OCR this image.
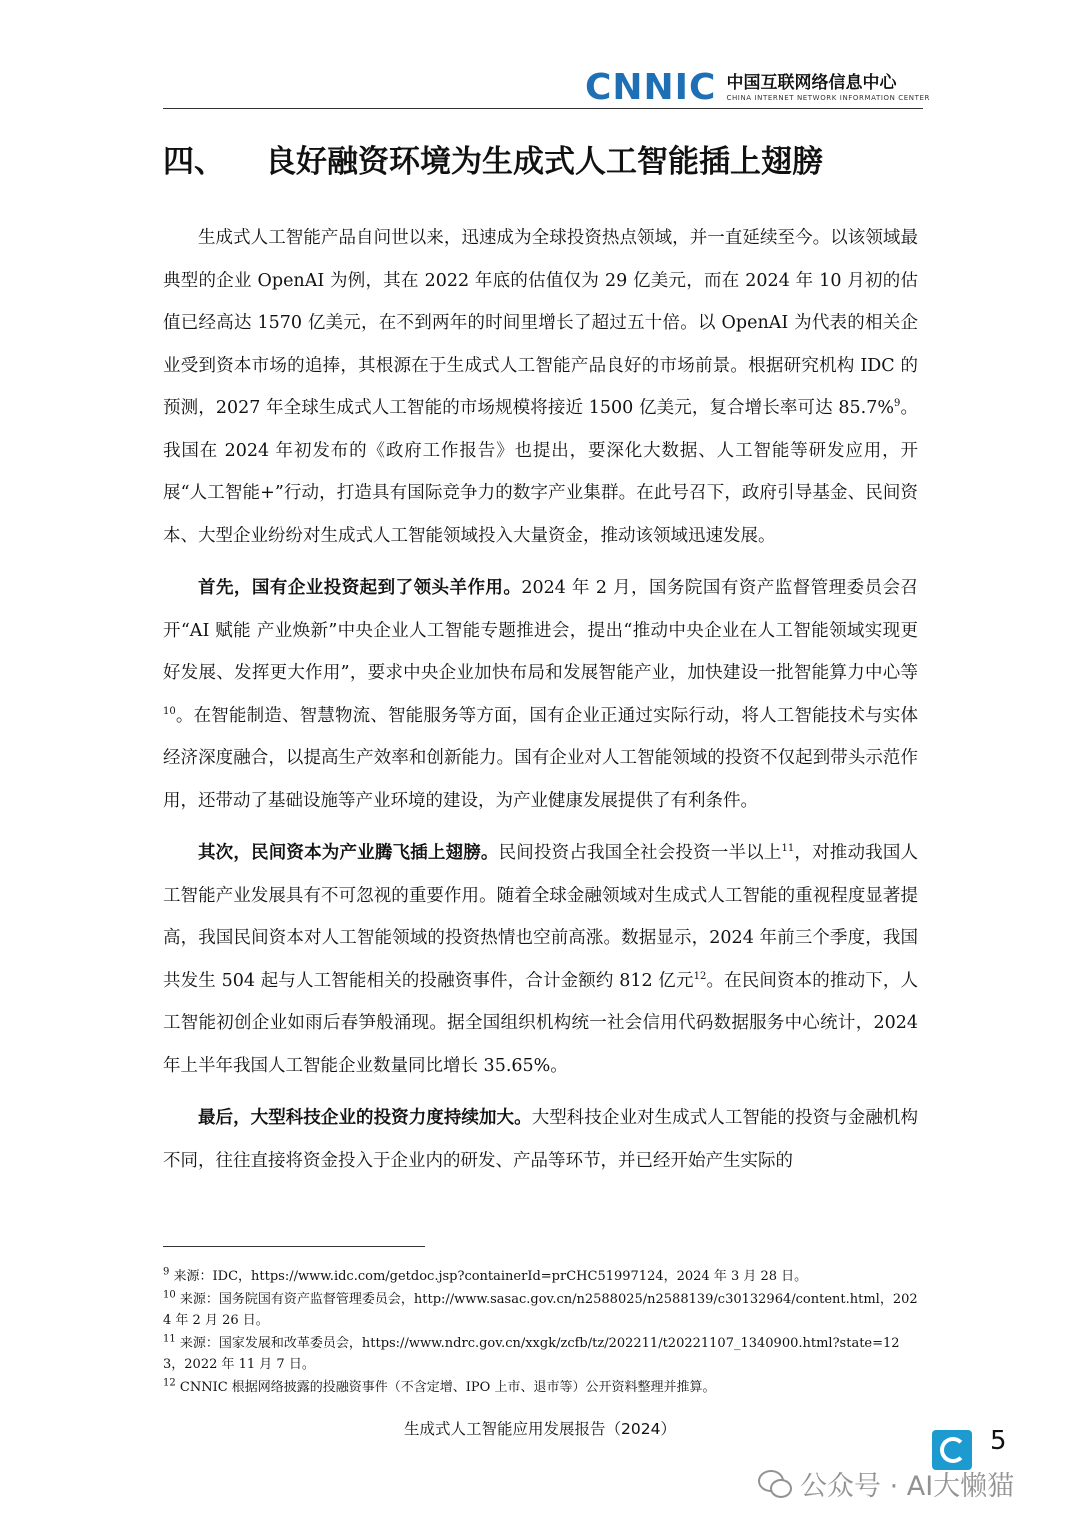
CNNIC 中国互联网络信息中心
CHINA INTERNET NETWORK INFORMATION CENTER
四、 良好融资环境为生成式人工智能插上翅膀

生成式人工智能产品自问世以来，迅速成为全球投资热点领域，并一直延续至今。以该领域最典型的企业 OpenAI 为例，其在 2022 年底的估值仅为 29 亿美元，而在 2024 年 10 月初的估值已经高达 1570 亿美元，在不到两年的时间里增长了超过五十倍。以 OpenAI 为代表的相关企业受到资本市场的追捧，其根源在于生成式人工智能产品良好的市场前景。根据研究机构 IDC 的预测，2027 年全球生成式人工智能的市场规模将接近 1500 亿美元，复合增长率可达 85.7%$^9$。我国在 2024 年初发布的《政府工作报告》也提出，要深化大数据、人工智能等研发应用，开展“人工智能+”行动，打造具有国际竞争力的数字产业集群。在此号召下，政府引导基金、民间资本、大型企业纷纷对生成式人工智能领域投入大量资金，推动该领域迅速发展。

首先，国有企业投资起到了领头羊作用。2024 年 2 月，国务院国有资产监督管理委员会召开“AI 赋能 产业焕新”中央企业人工智能专题推进会，提出“推动中央企业在人工智能领域实现更好发展、发挥更大作用”，要求中央企业加快布局和发展智能产业，加快建设一批智能算力中心等$^{10}$。在智能制造、智慧物流、智能服务等方面，国有企业正通过实际行动，将人工智能技术与实体经济深度融合，以提高生产效率和创新能力。国有企业对人工智能领域的投资不仅起到带头示范作用，还带动了基础设施等产业环境的建设，为产业健康发展提供了有利条件。

其次，民间资本为产业腾飞插上翅膀。民间投资占我国全社会投资一半以上$^{11}$，对推动我国人工智能产业发展具有不可忽视的重要作用。随着全球金融领域对生成式人工智能的重视程度显著提高，我国民间资本对人工智能领域的投资热情也空前高涨。数据显示，2024 年前三个季度，我国共发生 504 起与人工智能相关的投融资事件，合计金额约 812 亿元$^{12}$。在民间资本的推动下，人工智能初创企业如雨后春笋般涌现。据全国组织机构统一社会信用代码数据服务中心统计，2024 年上半年我国人工智能企业数量同比增长 35.65%。

最后，大型科技企业的投资力度持续加大。大型科技企业对生成式人工智能的投资与金融机构不同，往往直接将资金投入于企业内的研发、产品等环节，并已经开始产生实际的

$^9$ 来源：IDC，https://www.idc.com/getdoc.jsp?containerId=prCHC51997124，2024 年 3 月 28 日。

$^{10}$ 来源：国务院国有资产监督管理委员会，http://www.sasac.gov.cn/n2588025/n2588139/c30132964/content.html，2024 年 2 月 26 日。

$^{11}$ 来源：国家发展和改革委员会，https://www.ndrc.gov.cn/xxgk/zcfb/tz/202211/t20221107_1340900.html?state=123，2022 年 11 月 7 日。

$^{12}$ CNNIC 根据网络披露的投融资事件（不含定增、IPO 上市、退市等）公开资料整理并推算。

生成式人工智能应用发展报告（2024）	5
公众号 · AI大懒猫
